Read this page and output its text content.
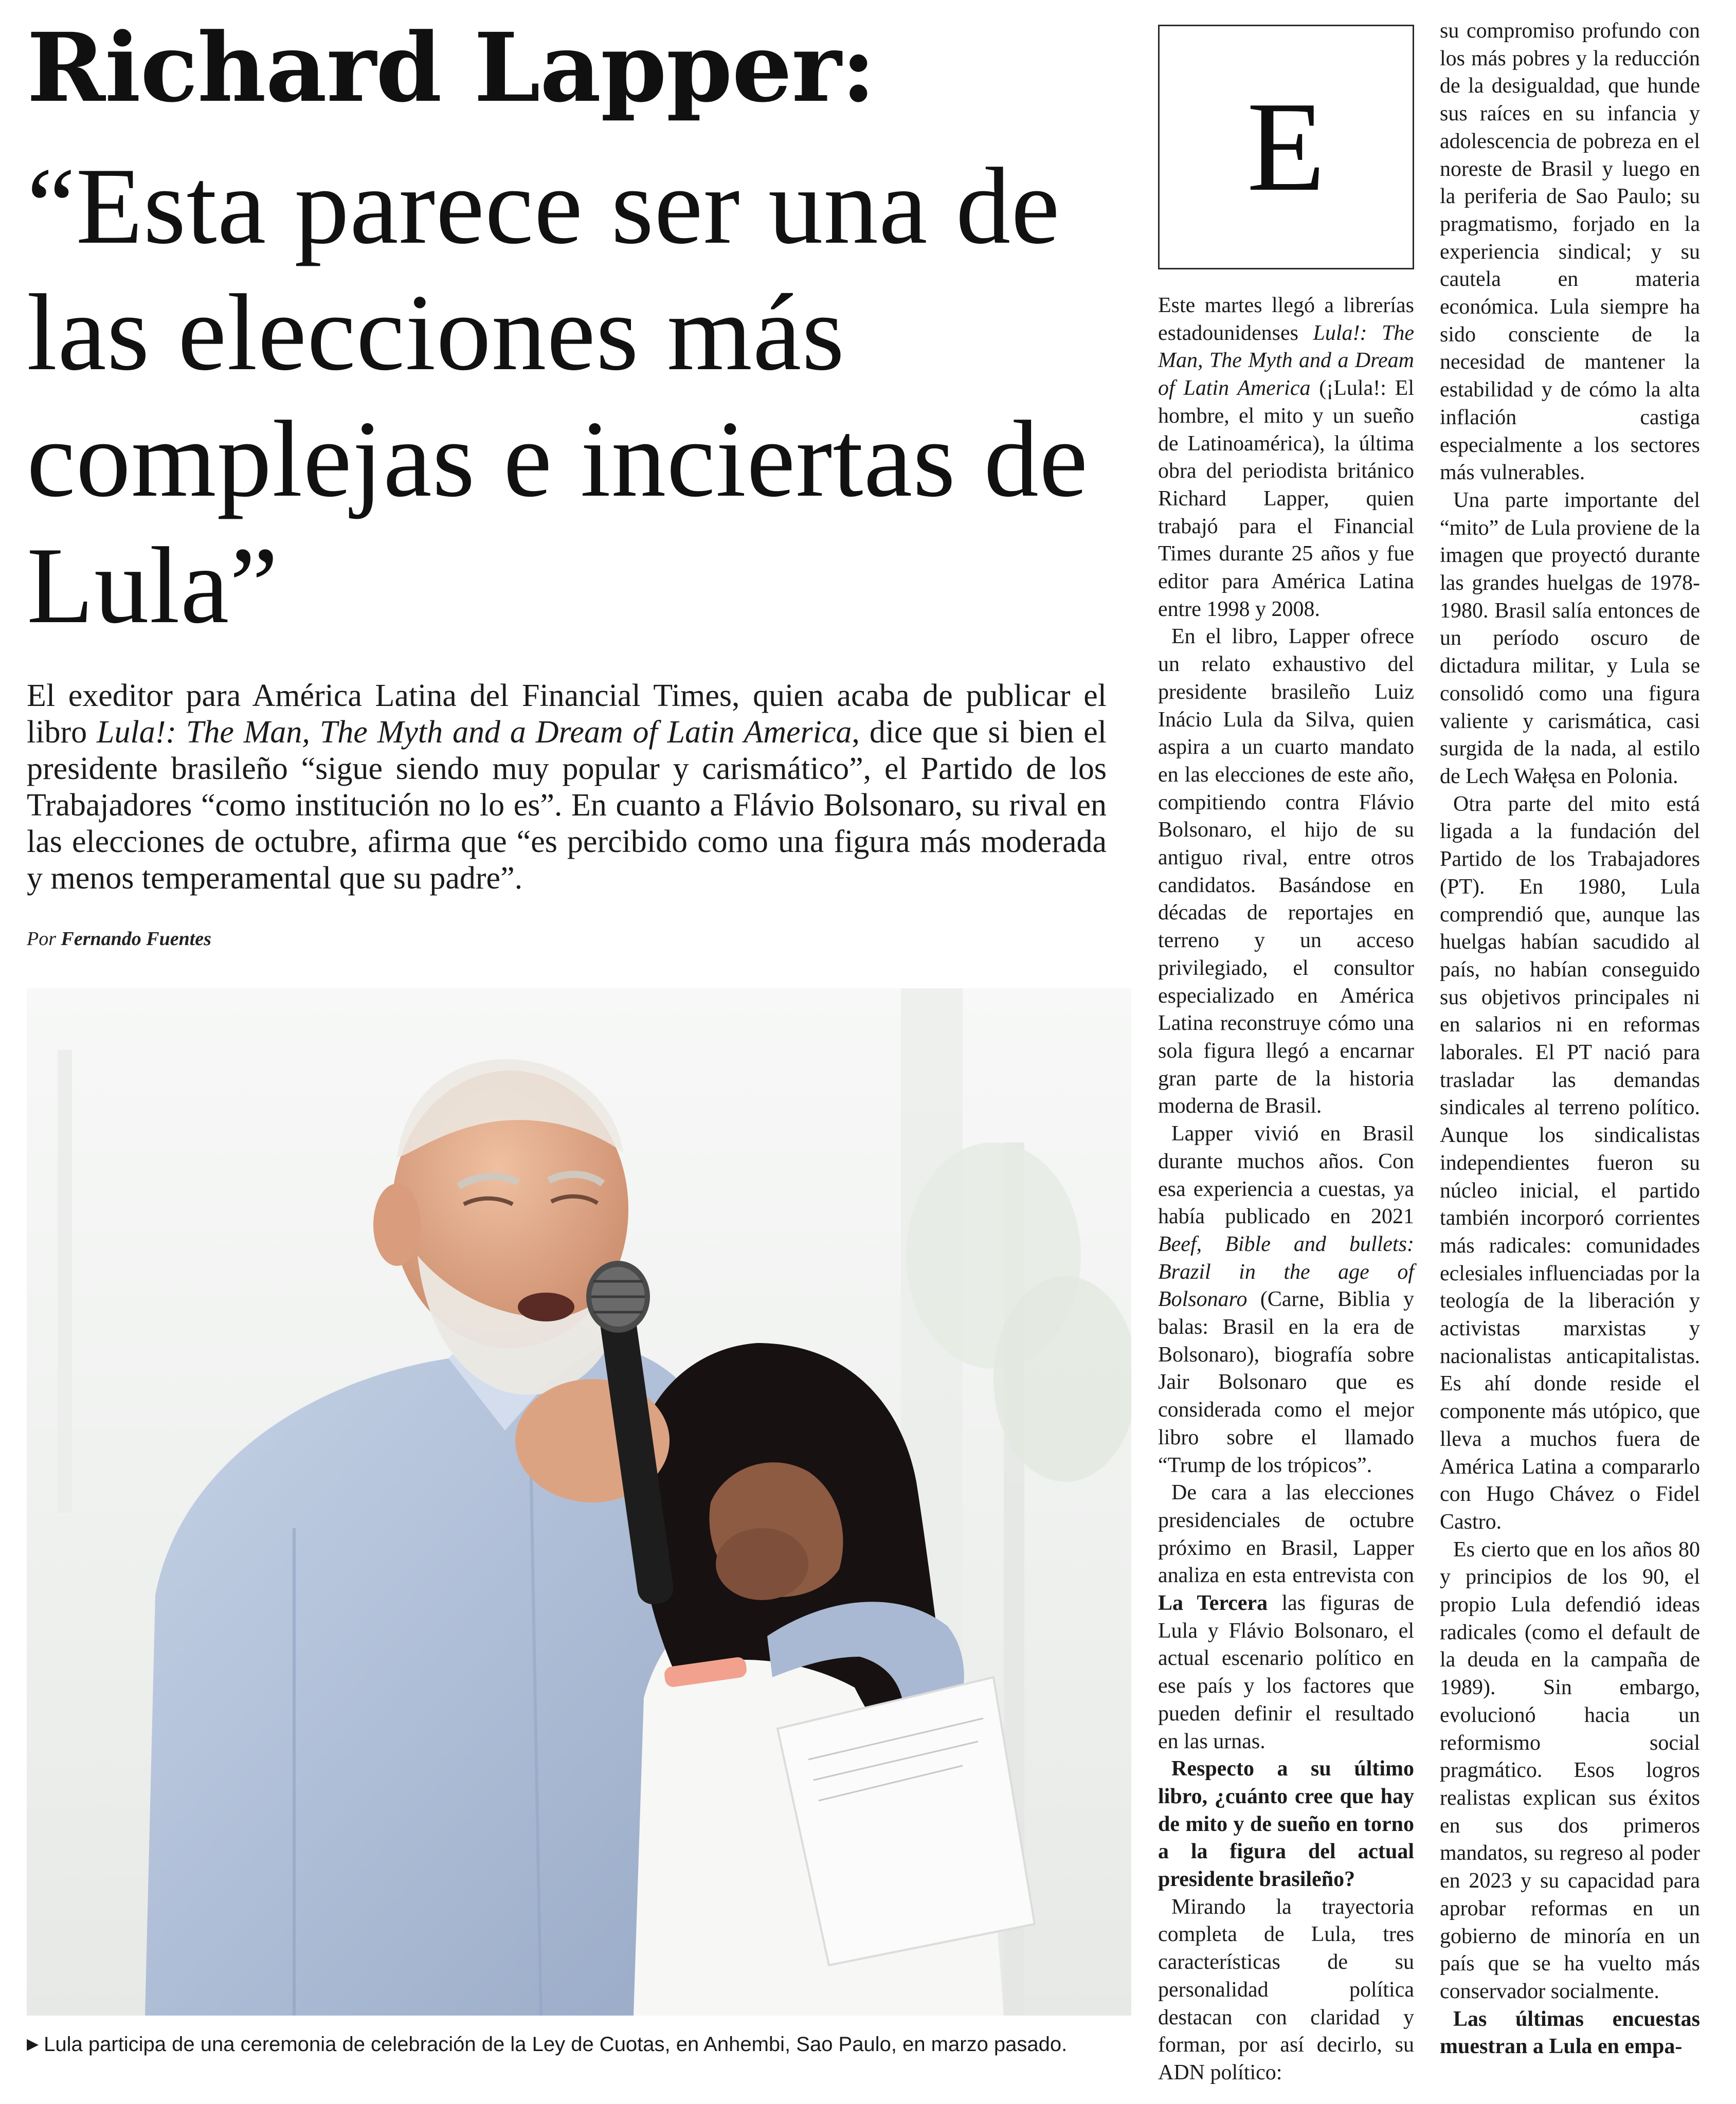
Richard Lapper:
“Esta parece ser una de las elecciones más complejas e inciertas de Lula”

El exeditor para América Latina del Financial Times, quien acaba de publicar el libro Lula!: The Man, The Myth and a Dream of Latin America, dice que si bien el presidente brasileño “sigue siendo muy popular y carismático”, el Partido de los Trabajadores “como institución no lo es”. En cuanto a Flávio Bolsonaro, su rival en las elecciones de octubre, afirma que “es percibido como una figura más moderada y menos temperamental que su padre”.

Por Fernando Fuentes

▶ Lula participa de una ceremonia de celebración de la Ley de Cuotas, en Anhembi, Sao Paulo, en marzo pasado.

E

Este martes llegó a librerías estadounidenses Lula!: The Man, The Myth and a Dream of Latin America (¡Lula!: El hombre, el mito y un sueño de Latinoamérica), la última obra del periodista británico Richard Lapper, quien trabajó para el Financial Times durante 25 años y fue editor para América Latina entre 1998 y 2008.

En el libro, Lapper ofrece un relato exhaustivo del presidente brasileño Luiz Inácio Lula da Silva, quien aspira a un cuarto mandato en las elecciones de este año, compitiendo contra Flávio Bolsonaro, el hijo de su antiguo rival, entre otros candidatos. Basándose en décadas de reportajes en terreno y un acceso privilegiado, el consultor especializado en América Latina reconstruye cómo una sola figura llegó a encarnar gran parte de la historia moderna de Brasil.

Lapper vivió en Brasil durante muchos años. Con esa experiencia a cuestas, ya había publicado en 2021 Beef, Bible and bullets: Brazil in the age of Bolsonaro (Carne, Biblia y balas: Brasil en la era de Bolsonaro), biografía sobre Jair Bolsonaro que es considerada como el mejor libro sobre el llamado “Trump de los trópicos”.

De cara a las elecciones presidenciales de octubre próximo en Brasil, Lapper analiza en esta entrevista con La Tercera las figuras de Lula y Flávio Bolsonaro, el actual escenario político en ese país y los factores que pueden definir el resultado en las urnas.

Respecto a su último libro, ¿cuánto cree que hay de mito y de sueño en torno a la figura del actual presidente brasileño?

Mirando la trayectoria completa de Lula, tres características de su personalidad política destacan con claridad y forman, por así decirlo, su ADN político:

su compromiso profundo con los más pobres y la reducción de la desigualdad, que hunde sus raíces en su infancia y adolescencia de pobreza en el noreste de Brasil y luego en la periferia de Sao Paulo; su pragmatismo, forjado en la experiencia sindical; y su cautela en materia económica. Lula siempre ha sido consciente de la necesidad de mantener la estabilidad y de cómo la alta inflación castiga especialmente a los sectores más vulnerables.

Una parte importante del “mito” de Lula proviene de la imagen que proyectó durante las grandes huelgas de 1978-1980. Brasil salía entonces de un período oscuro de dictadura militar, y Lula se consolidó como una figura valiente y carismática, casi surgida de la nada, al estilo de Lech Wałęsa en Polonia.

Otra parte del mito está ligada a la fundación del Partido de los Trabajadores (PT). En 1980, Lula comprendió que, aunque las huelgas habían sacudido al país, no habían conseguido sus objetivos principales ni en salarios ni en reformas laborales. El PT nació para trasladar las demandas sindicales al terreno político. Aunque los sindicalistas independientes fueron su núcleo inicial, el partido también incorporó corrientes más radicales: comunidades eclesiales influenciadas por la teología de la liberación y activistas marxistas y nacionalistas anticapitalistas. Es ahí donde reside el componente más utópico, que lleva a muchos fuera de América Latina a compararlo con Hugo Chávez o Fidel Castro.

Es cierto que en los años 80 y principios de los 90, el propio Lula defendió ideas radicales (como el default de la deuda en la campaña de 1989). Sin embargo, evolucionó hacia un reformismo social pragmático. Esos logros realistas explican sus éxitos en sus dos primeros mandatos, su regreso al poder en 2023 y su capacidad para aprobar reformas en un gobierno de minoría en un país que se ha vuelto más conservador socialmente.

Las últimas encuestas muestran a Lula en empa-
